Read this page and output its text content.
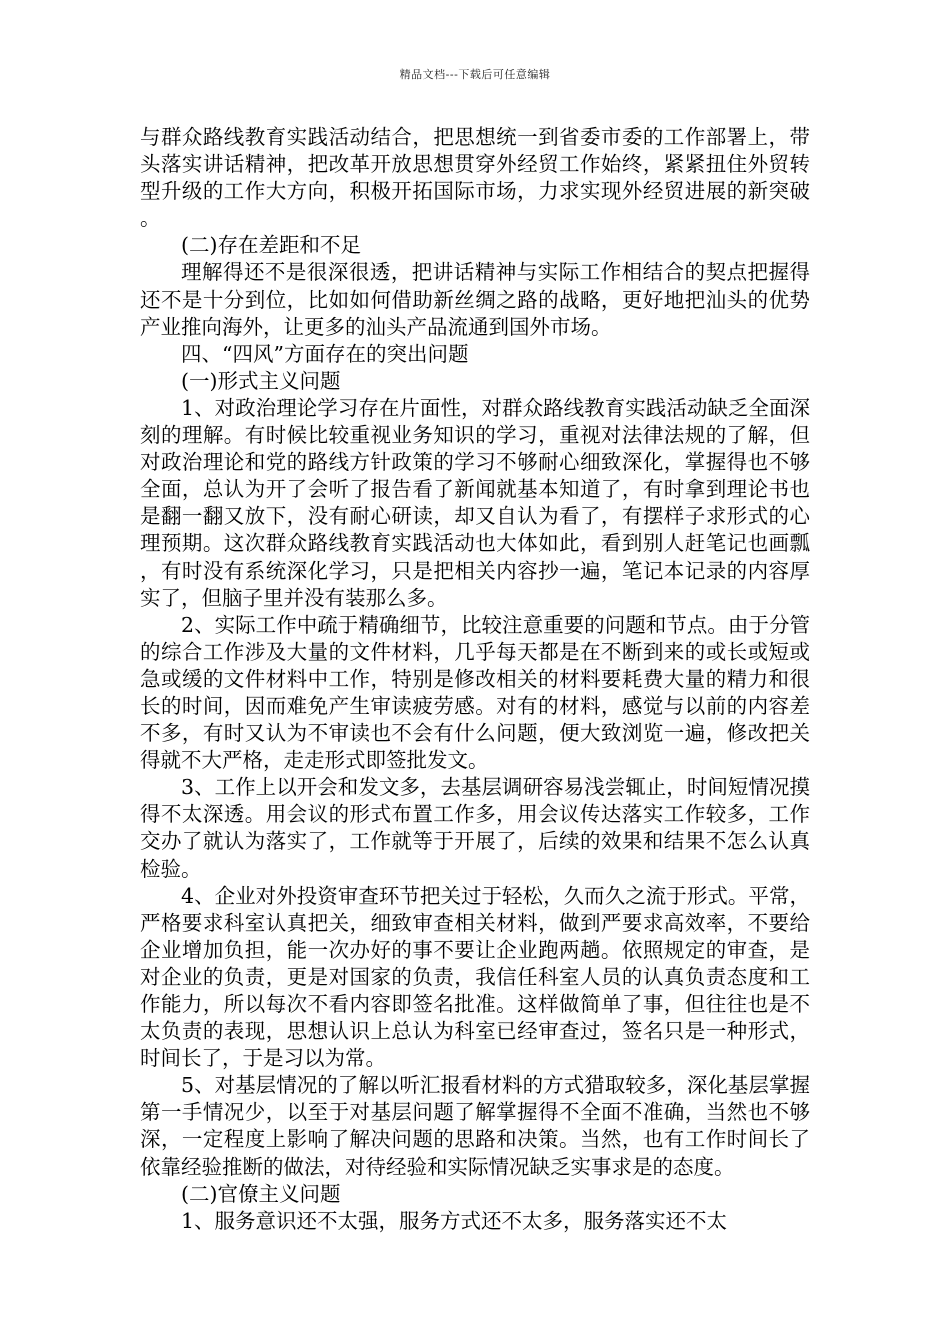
精品文档---下载后可任意编辑

与群众路线教育实践活动结合，把思想统一到省委市委的工作部署上，带头落实讲话精神，把改革开放思想贯穿外经贸工作始终，紧紧扭住外贸转型升级的工作大方向，积极开拓国际市场，力求实现外经贸进展的新突破。

(二)存在差距和不足

理解得还不是很深很透，把讲话精神与实际工作相结合的契点把握得还不是十分到位，比如如何借助新丝绸之路的战略，更好地把汕头的优势产业推向海外，让更多的汕头产品流通到国外市场。

四、“四风”方面存在的突出问题

(一)形式主义问题

1、对政治理论学习存在片面性，对群众路线教育实践活动缺乏全面深刻的理解。有时候比较重视业务知识的学习，重视对法律法规的了解，但对政治理论和党的路线方针政策的学习不够耐心细致深化，掌握得也不够全面，总认为开了会听了报告看了新闻就基本知道了，有时拿到理论书也是翻一翻又放下，没有耐心研读，却又自认为看了，有摆样子求形式的心理预期。这次群众路线教育实践活动也大体如此，看到别人赶笔记也画瓢，有时没有系统深化学习，只是把相关内容抄一遍，笔记本记录的内容厚实了，但脑子里并没有装那么多。

2、实际工作中疏于精确细节，比较注意重要的问题和节点。由于分管的综合工作涉及大量的文件材料，几乎每天都是在不断到来的或长或短或急或缓的文件材料中工作，特别是修改相关的材料要耗费大量的精力和很长的时间，因而难免产生审读疲劳感。对有的材料，感觉与以前的内容差不多，有时又认为不审读也不会有什么问题，便大致浏览一遍，修改把关得就不大严格，走走形式即签批发文。

3、工作上以开会和发文多，去基层调研容易浅尝辄止，时间短情况摸得不太深透。用会议的形式布置工作多，用会议传达落实工作较多，工作交办了就认为落实了，工作就等于开展了，后续的效果和结果不怎么认真检验。

4、企业对外投资审查环节把关过于轻松，久而久之流于形式。平常，严格要求科室认真把关，细致审查相关材料，做到严要求高效率，不要给企业增加负担，能一次办好的事不要让企业跑两趟。依照规定的审查，是对企业的负责，更是对国家的负责，我信任科室人员的认真负责态度和工作能力，所以每次不看内容即签名批准。这样做简单了事，但往往也是不太负责的表现，思想认识上总认为科室已经审查过，签名只是一种形式，时间长了，于是习以为常。

5、对基层情况的了解以听汇报看材料的方式猎取较多，深化基层掌握第一手情况少，以至于对基层问题了解掌握得不全面不准确，当然也不够深，一定程度上影响了解决问题的思路和决策。当然，也有工作时间长了依靠经验推断的做法，对待经验和实际情况缺乏实事求是的态度。

(二)官僚主义问题

1、服务意识还不太强，服务方式还不太多，服务落实还不太
